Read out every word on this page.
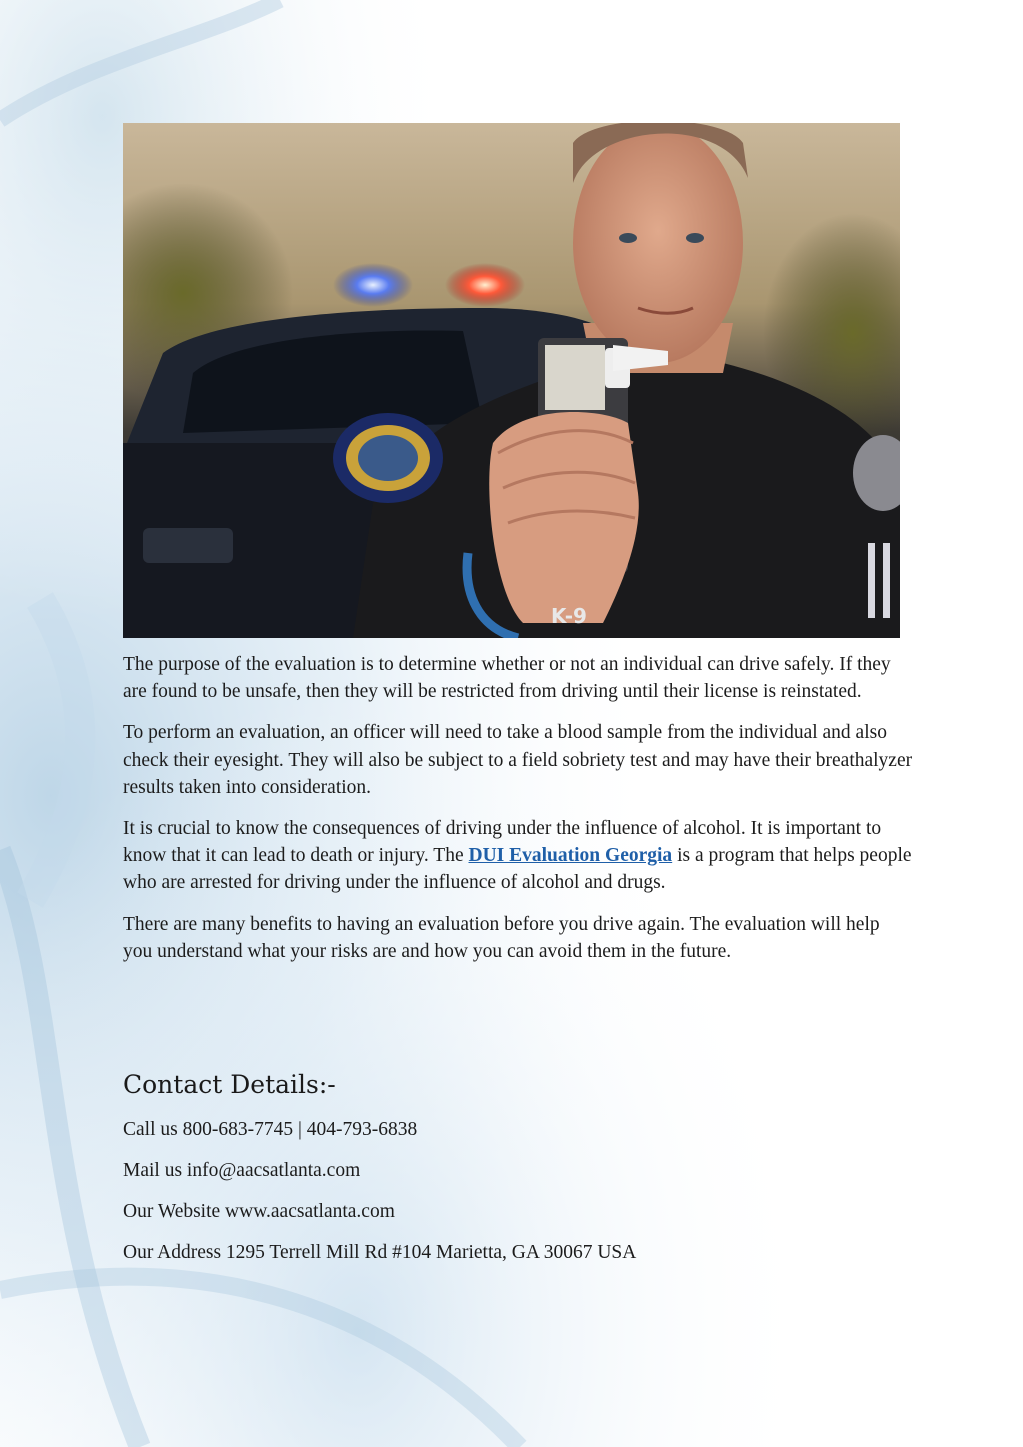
K-9

The purpose of the evaluation is to determine whether or not an individual can drive safely. If they are found to be unsafe, then they will be restricted from driving until their license is reinstated.

To perform an evaluation, an officer will need to take a blood sample from the individual and also check their eyesight. They will also be subject to a field sobriety test and may have their breathalyzer results taken into consideration.

It is crucial to know the consequences of driving under the influence of alcohol. It is important to know that it can lead to death or injury. The DUI Evaluation Georgia is a program that helps people who are arrested for driving under the influence of alcohol and drugs.

There are many benefits to having an evaluation before you drive again. The evaluation will help you understand what your risks are and how you can avoid them in the future.

Contact Details:-
Call us 800-683-7745 | 404-793-6838
Mail us info@aacsatlanta.com
Our Website www.aacsatlanta.com
Our Address 1295 Terrell Mill Rd #104 Marietta, GA 30067 USA
